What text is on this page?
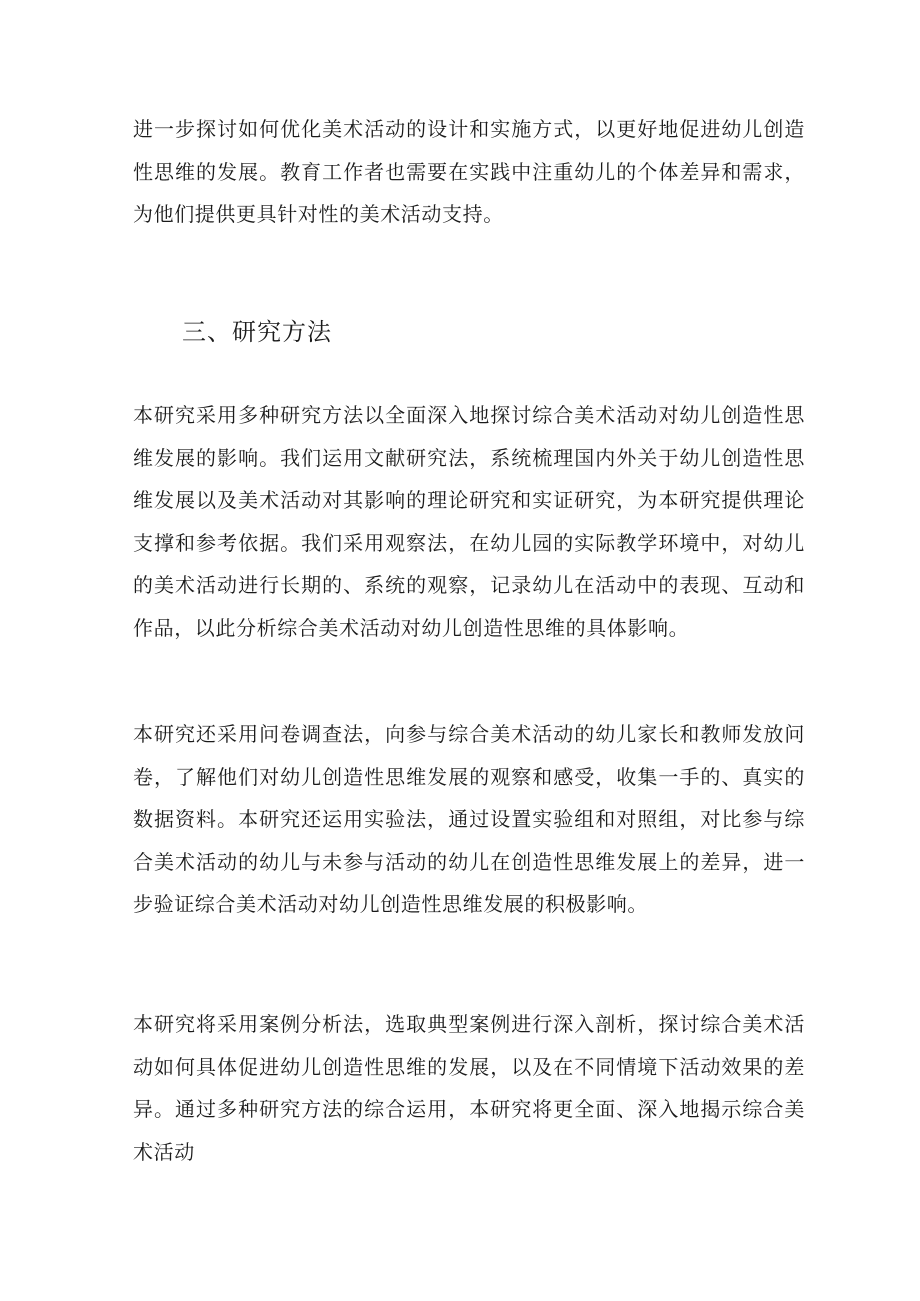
进一步探讨如何优化美术活动的设计和实施方式，以更好地促进幼儿创造性思维的发展。教育工作者也需要在实践中注重幼儿的个体差异和需求，为他们提供更具针对性的美术活动支持。

三、研究方法

本研究采用多种研究方法以全面深入地探讨综合美术活动对幼儿创造性思维发展的影响。我们运用文献研究法，系统梳理国内外关于幼儿创造性思维发展以及美术活动对其影响的理论研究和实证研究，为本研究提供理论支撑和参考依据。我们采用观察法，在幼儿园的实际教学环境中，对幼儿的美术活动进行长期的、系统的观察，记录幼儿在活动中的表现、互动和作品，以此分析综合美术活动对幼儿创造性思维的具体影响。

本研究还采用问卷调查法，向参与综合美术活动的幼儿家长和教师发放问卷，了解他们对幼儿创造性思维发展的观察和感受，收集一手的、真实的数据资料。本研究还运用实验法，通过设置实验组和对照组，对比参与综合美术活动的幼儿与未参与活动的幼儿在创造性思维发展上的差异，进一步验证综合美术活动对幼儿创造性思维发展的积极影响。

本研究将采用案例分析法，选取典型案例进行深入剖析，探讨综合美术活动如何具体促进幼儿创造性思维的发展，以及在不同情境下活动效果的差异。通过多种研究方法的综合运用，本研究将更全面、深入地揭示综合美术活动
